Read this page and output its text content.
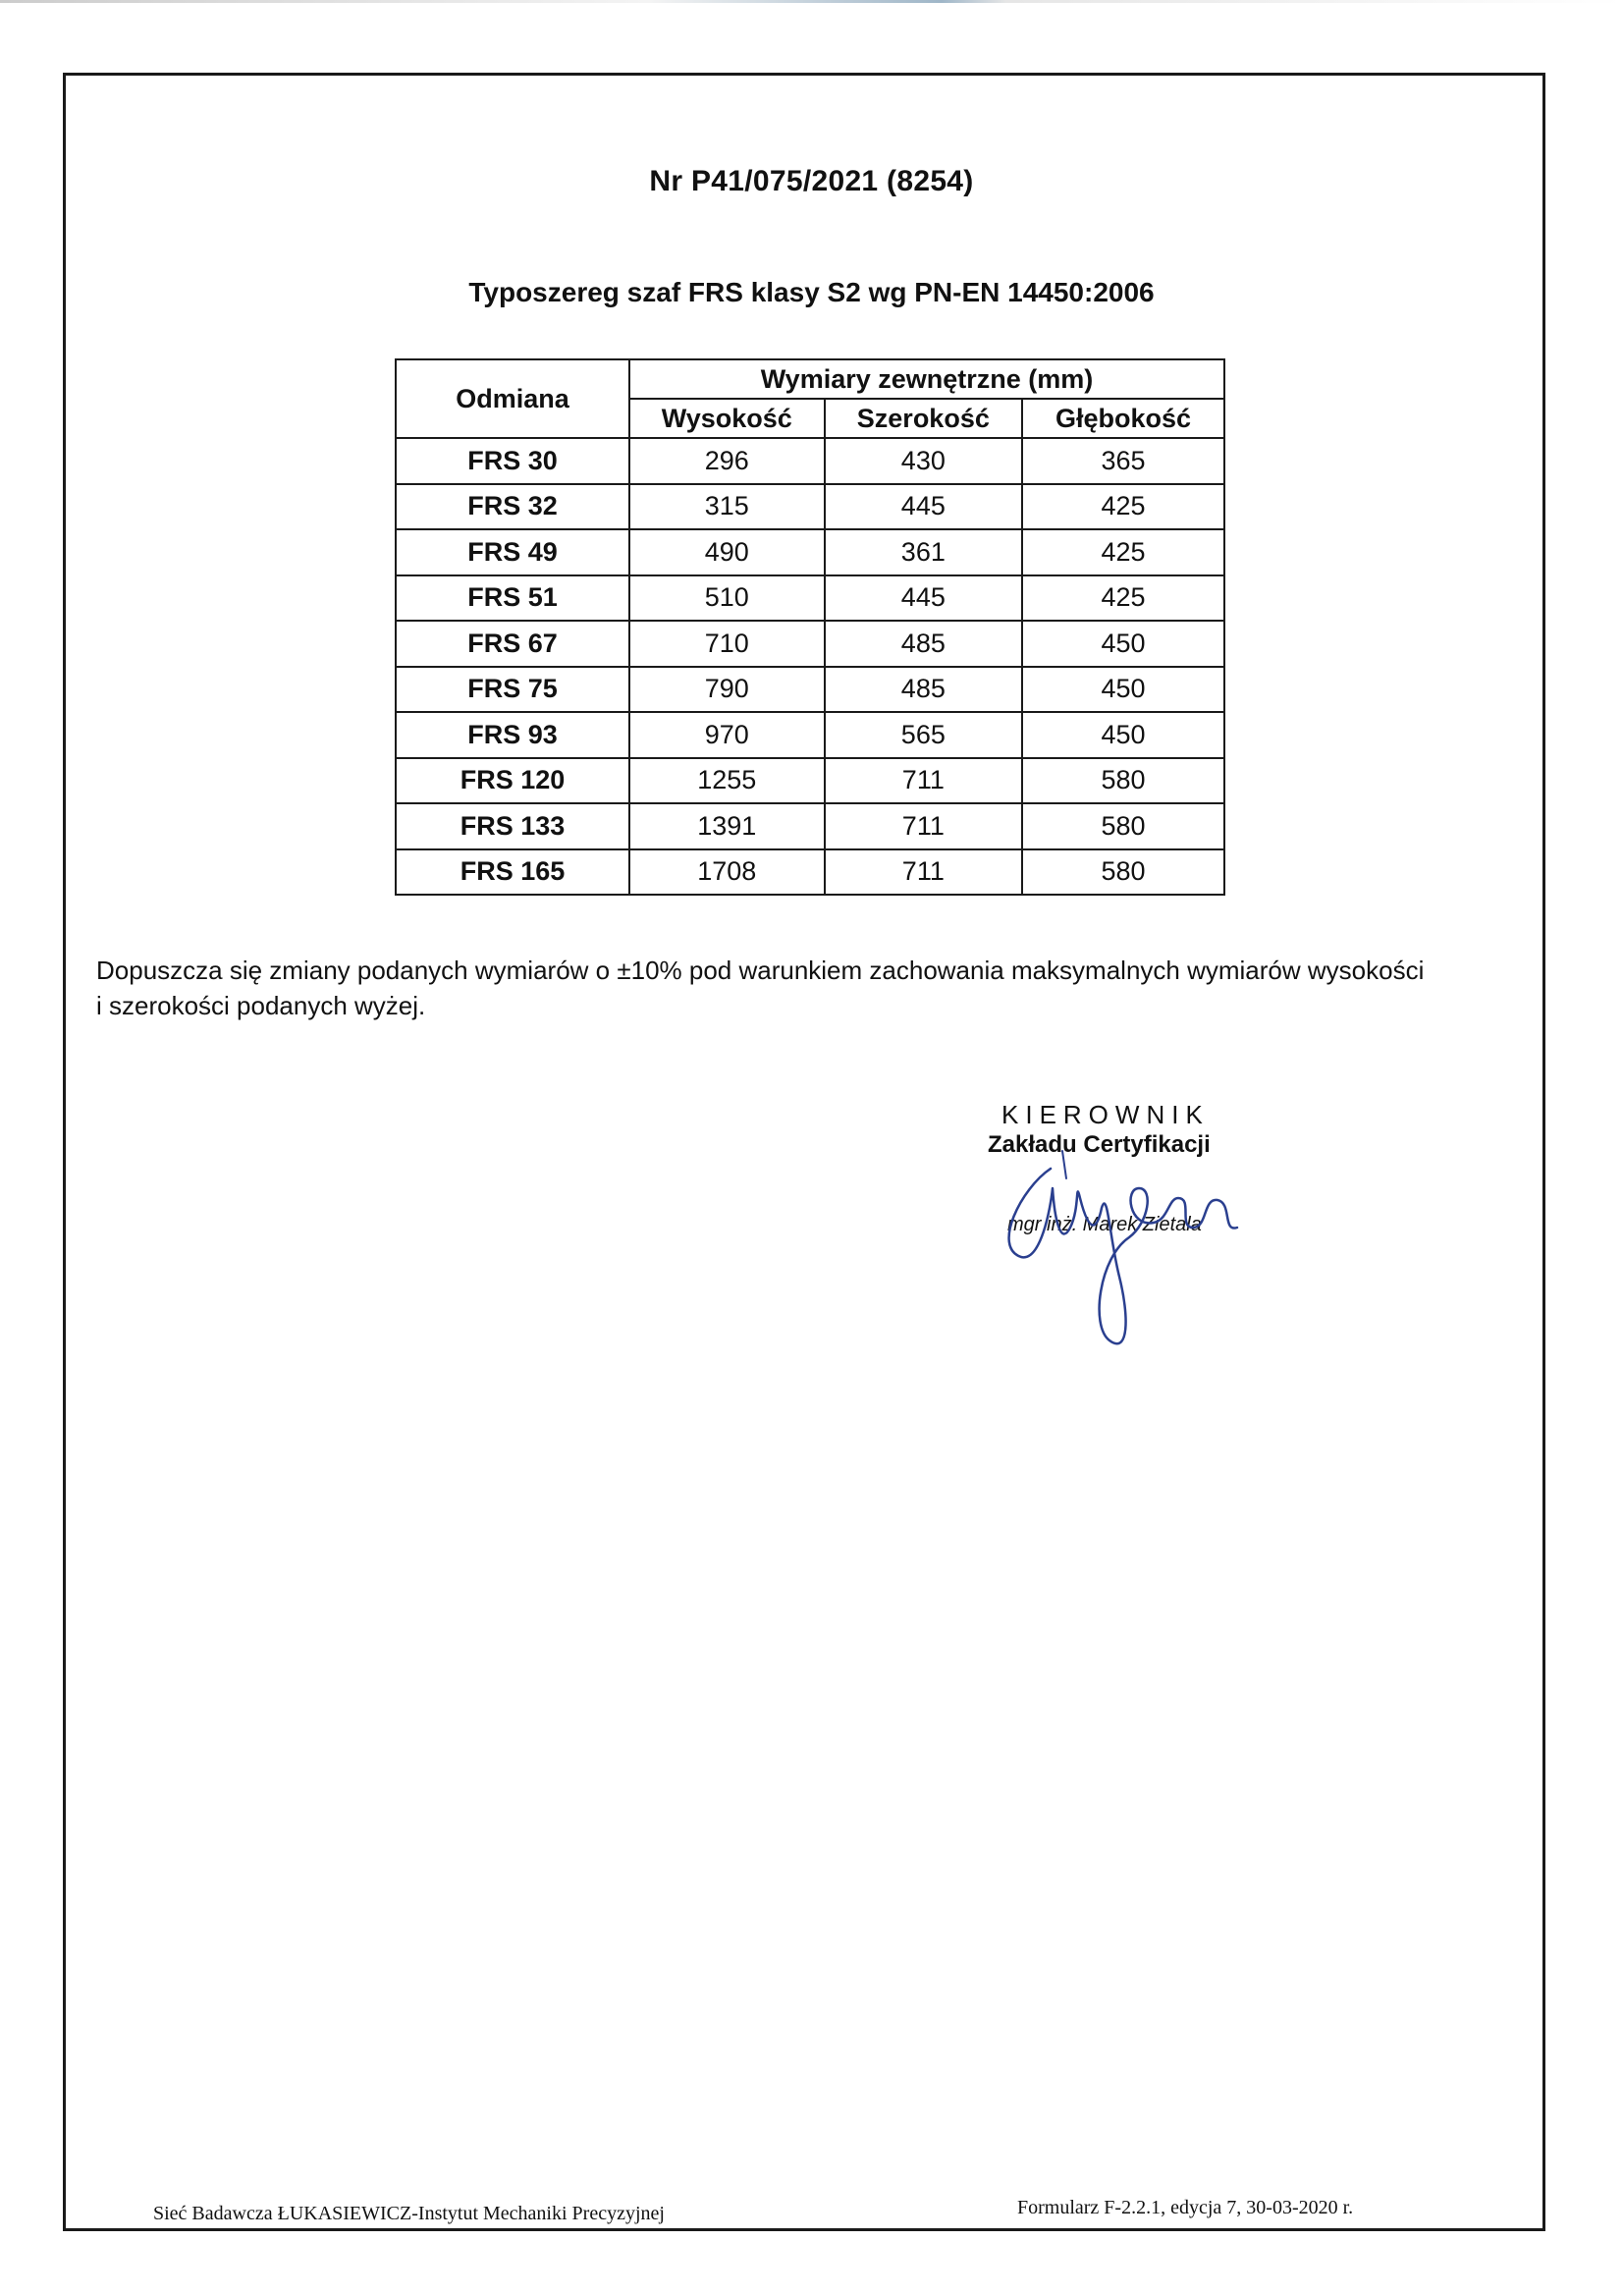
Nr P41/075/2021 (8254)
Typoszereg szaf FRS klasy S2 wg PN-EN 14450:2006
Odmiana	Wymiary zewnętrzne (mm)		
	Wysokość	Szerokość	Głębokość
FRS 30	296	430	365
FRS 32	315	445	425
FRS 49	490	361	425
FRS 51	510	445	425
FRS 67	710	485	450
FRS 75	790	485	450
FRS 93	970	565	450
FRS 120	1255	711	580
FRS 133	1391	711	580
FRS 165	1708	711	580
Dopuszcza się zmiany podanych wymiarów o ±10% pod warunkiem zachowania maksymalnych wymiarów wysokości
i szerokości podanych wyżej.
KIEROWNIK
Zakładu Certyfikacji
mgr inż. Marek Zietala
Sieć Badawcza ŁUKASIEWICZ-Instytut Mechaniki Precyzyjnej	Formularz F-2.2.1, edycja 7, 30-03-2020 r.
